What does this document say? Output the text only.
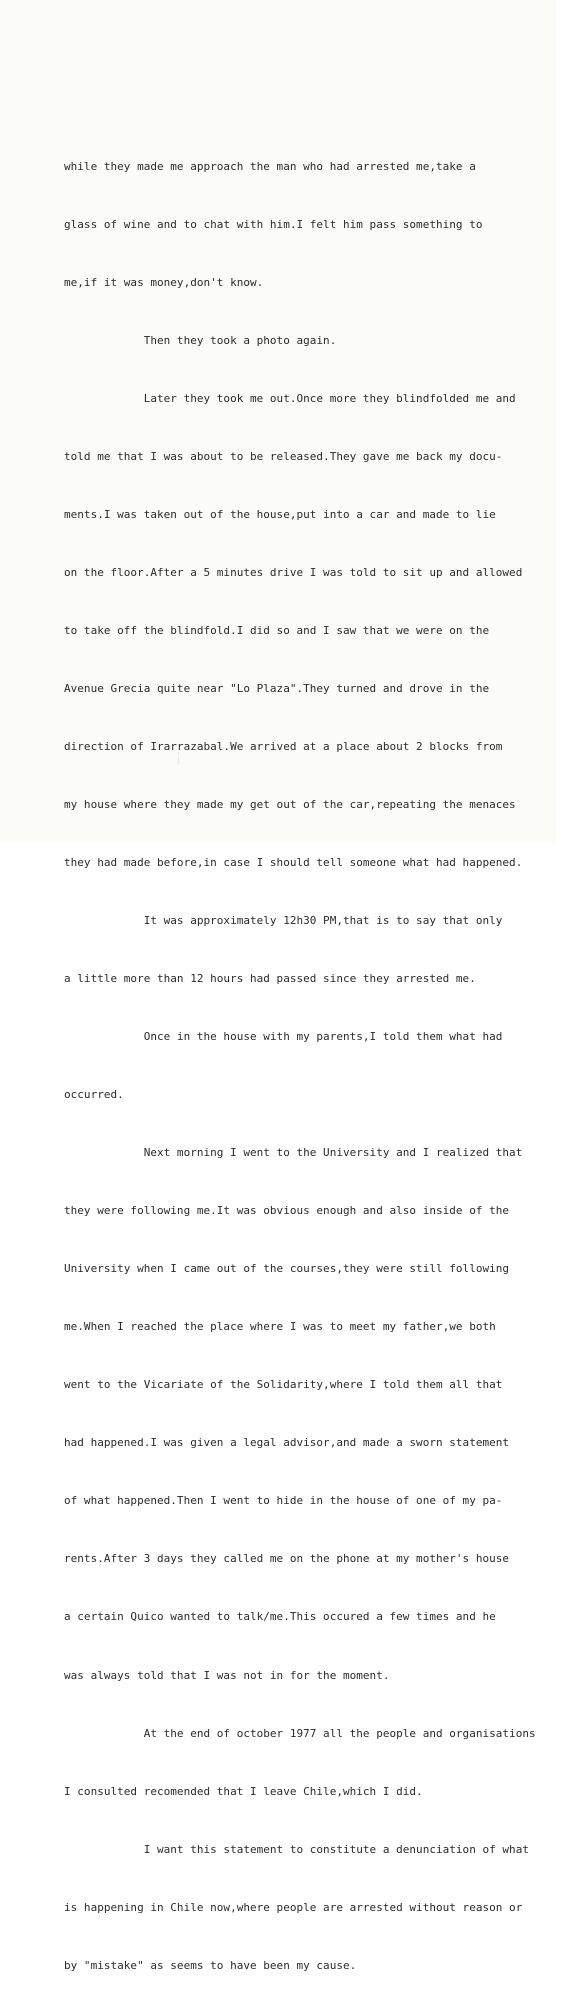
while they made me approach the man who had arrested me,take a

glass of wine and to chat with him.I felt him pass something to

me,if it was money,don't know.

Then they took a photo again.

Later they took me out.Once more they blindfolded me and

told me that I was about to be released.They gave me back my docu-

ments.I was taken out of the house,put into a car and made to lie

on the floor.After a 5 minutes drive I was told to sit up and allowed

to take off the blindfold.I did so and I saw that we were on the

Avenue Grecia quite near "Lo Plaza".They turned and drove in the

direction of Irarrazabal.We arrived at a place about 2 blocks from

my house where they made my get out of the car,repeating the menaces

they had made before,in case I should tell someone what had happened.

It was approximately 12h30 PM,that is to say that only

a little more than 12 hours had passed since they arrested me.

Once in the house with my parents,I told them what had

occurred.

Next morning I went to the University and I realized that

they were following me.It was obvious enough and also inside of the

University when I came out of the courses,they were still following

me.When I reached the place where I was to meet my father,we both

went to the Vicariate of the Solidarity,where I told them all that

had happened.I was given a legal advisor,and made a sworn statement

of what happened.Then I went to hide in the house of one of my pa-

rents.After 3 days they called me on the phone at my mother's house

a certain Quico wanted to talk/me.This occured a few times and he

was always told that I was not in for the moment.

At the end of october 1977 all the people and organisations

I consulted recomended that I leave Chile,which I did.

I want this statement to constitute a denunciation of what

is happening in Chile now,where people are arrested without reason or

by "mistake" as seems to have been my cause.
